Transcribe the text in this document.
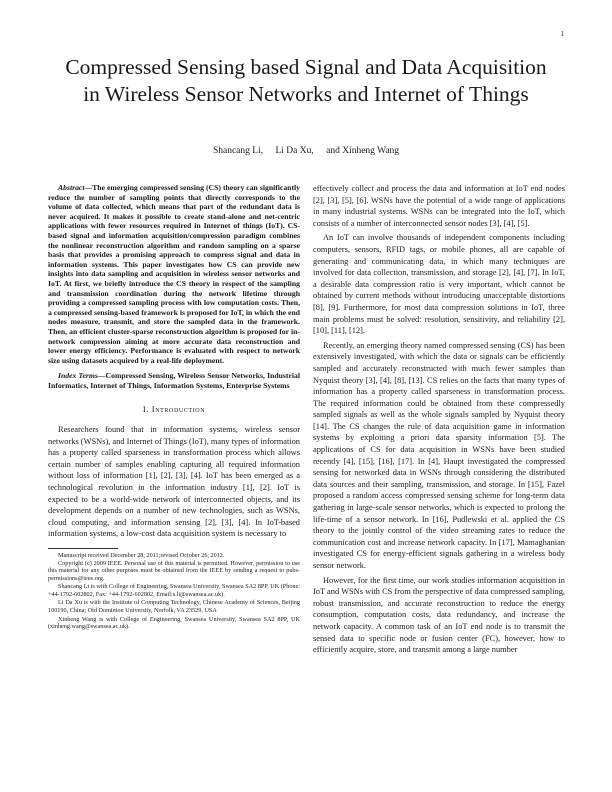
1
Compressed Sensing based Signal and Data Acquisition in Wireless Sensor Networks and Internet of Things
Shancang Li, Li Da Xu, and Xinheng Wang

Abstract—The emerging compressed sensing (CS) theory can significantly reduce the number of sampling points that directly corresponds to the volume of data collected, which means that part of the redundant data is never acquired. It makes it possible to create stand-alone and net-centric applications with fewer resources required in Internet of things (IoT). CS-based signal and information acquisition/compression paradigm combines the nonlinear reconstruction algorithm and random sampling on a sparse basis that provides a promising approach to compress signal and data in information systems. This paper investigates how CS can provide new insights into data sampling and acquisition in wireless sensor networks and IoT. At first, we briefly introduce the CS theory in respect of the sampling and transmission coordination during the network lifetime through providing a compressed sampling process with low computation costs. Then, a compressed sensing-based framework is proposed for IoT, in which the end nodes measure, transmit, and store the sampled data in the framework. Then, an efficient cluster-sparse reconstruction algorithm is proposed for in-network compression aiming at more accurate data reconstruction and lower energy efficiency. Performance is evaluated with respect to network size using datasets acquired by a real-life deployment.

Index Terms—Compressed Sensing, Wireless Sensor Networks, Industrial Informatics, Internet of Things, Information Systems, Enterprise Systems

I. Introduction

Researchers found that in information systems, wireless sensor networks (WSNs), and Internet of Things (IoT), many types of information has a property called sparseness in transformation process which allows certain number of samples enabling capturing all required information without loss of information [1], [2], [3], [4]. IoT has been emerged as a technological revolution in the information industry [1], [2]. IoT is expected to be a world-wide network of interconnected objects, and its development depends on a number of new technologies, such as WSNs, cloud computing, and information sensing [2], [3], [4]. In IoT-based information systems, a low-cost data acquisition system is necessary to

Manuscript received December 28, 2011;revised October 26, 2012.

Copyright (c) 2009 IEEE. Personal use of this material is permitted. However, permission to use this material for any other purposes must be obtained from the IEEE by sending a request to pubs-permissions@ieee.org.

Shancang Li is with College of Engineering, Swansea University, Swansea SA2 8PP, UK (Phone: +44-1792-602802, Fax: +44-1792-602802, Email:s.li@swansea.ac.uk).

Li Da Xu is with the Institute of Computing Technology, Chinese Academy of Sciences, Beijing 100190, China; Old Dominion University, Norfolk, VA 23529, USA

Xinheng Wang is with College of Engineering, Swansea University, Swansea SA2 8PP, UK (xinheng.wang@swansea.ac.uk).

effectively collect and process the data and information at IoT end nodes [2], [3], [5], [6]. WSNs have the potential of a wide range of applications in many industrial systems. WSNs can be integrated into the IoT, which consists of a number of interconnected sensor nodes [3], [4], [5].

An IoT can involve thousands of independent components including computers, sensors, RFID tags, or mobile phones, all are capable of generating and communicating data, in which many techniques are involved for data collection, transmission, and storage [2], [4], [7]. In IoT, a desirable data compression ratio is very important, which cannot be obtained by current methods without introducing unacceptable distortions [8], [9]. Furthermore, for most data compression solutions in IoT, three main problems must be solved: resolution, sensitivity, and reliability [2], [10], [11], [12].

Recently, an emerging theory named compressed sensing (CS) has been extensively investigated, with which the data or signals can be efficiently sampled and accurately reconstructed with much fewer samples than Nyquist theory [3], [4], [8], [13]. CS relies on the facts that many types of information has a property called sparseness in transformation process. The required information could be obtained from these compressedly sampled signals as well as the whole signals sampled by Nyquist theory [14]. The CS changes the rule of data acquisition game in information systems by exploiting a priori data sparsity information [5]. The applications of CS for data acquisition in WSNs have been studied recently [4], [15], [16], [17]. In [4], Haupt investigated the compressed sensing for networked data in WSNs through considering the distributed data sources and their sampling, transmission, and storage. In [15], Fazel proposed a random access compressed sensing scheme for long-term data gathering in large-scale sensor networks, which is expected to prolong the life-time of a sensor network. In [16], Pudlewski et al. applied the CS theory to the jointly control of the video streaming rates to reduce the communication cost and increase network capacity. In [17], Mamaghanian investigated CS for energy-efficient signals gathering in a wireless body sensor network.

However, for the first time, our work studies information acquisition in IoT and WSNs with CS from the perspective of data compressed sampling, robust transmission, and accurate reconstruction to reduce the energy consumption, computation costs, data redundancy, and increase the network capacity. A common task of an IoT end node is to transmit the sensed data to specific node or fusion center (FC), however, how to efficiently acquire, store, and transmit among a large number
